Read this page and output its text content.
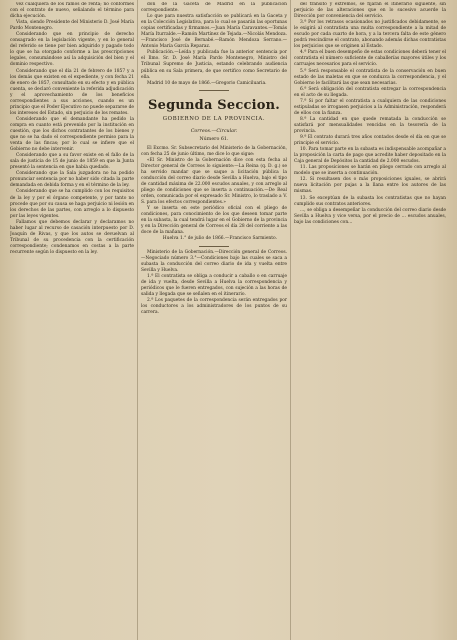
vez cualquiera de los ramos de renta; no conformes con el contrato de nuevo, señalando el término para dicha ejecución.

Vista, siendo Presidente del Ministerio D. José María Pardo Montenegro.

Considerando que en principio de derecho consagrado en la legislación vigente, y en lo general del referido se tiene por bien adquirido y pagado todo lo que se ha otorgado conforme a las prescripciones legales, consumándose así la adquisición del bien y el dominio respectivo.

Considerando que el día 21 de febrero de 1857 y a los demás que existen en el expediente, y con fecha 21 de enero de 1857, consultado en su efecto y en pública cuenta, se declaró conveniente la referida adjudicación y el aprovechamiento de los beneficios correspondientes a sus acciones, cuando es un principio que el Poder Ejecutivo no puede separarse de los intereses del Estado, sin perjuicio de los remates.

Considerando que el demandante ha pedido la compra en cuanto está prevenido por la institución en cuestión, que los dichos contratantes de los bienes y que no se ha dado el correspondiente permiso para la venta de las fincas; por lo cual se infiere que el Gobierno no debe intervenir.

Considerando que a su favor existe en el fallo de la sala de justicia de 15 de junio de 1859 en que la Junta presentó la sentencia en que había quedado.

Considerando que la Sala juzgadora no ha podido pronunciar sentencia por no haber sido citada la parte demandada en debida forma y en el término de la ley.

Considerando que se ha cumplido con los requisitos de la ley y por el órgano competente, y por tanto no procede que por su causa se haga perjuicio ni lesión en los derechos de las partes, con arreglo a lo dispuesto por las leyes vigentes.

Fallamos que debemos declarar y declaramos no haber lugar al recurso de casación interpuesto por D. Joaquín de Rivas, y que los autos se devuelvan al Tribunal de su procedencia con la certificación correspondiente; condenamos en costas a la parte recurrente según lo dispuesto en la ley.

don de la Gaceta de Madrid en la publicación correspondiente.

Lo que para nuestra satisfacción se publicará en la Gaceta y en la Colección Legislativa, para lo cual se pasarán las oportunas copias certificadas y firmamos.—Juan María Caravantes.—Tomás María Iturralde.—Ramón Martínez de Tejada.—Nicolás Mendoza.—Francisco José de Bernabé.—Ramón Mendoza Serrano.—Antonio María García Reparaz.

Publicación.—Leída y publicada fue la anterior sentencia por el Ilmo. Sr. D. José María Pardo Montenegro, Ministro del Tribunal Supremo de Justicia, estando celebrando audiencia pública en su Sala primera, de que certifico como Secretario de ella.

Madrid 10 de mayo de 1866.—Gregorio Camiciluaria.

Segunda Seccion.
GOBIERNO DE LA PROVINCIA.
Correos.—Circular.
Número 61.

El Excmo. Sr. Subsecretario del Ministerio de la Gobernación, con fecha 25 de junio último, me dice lo que sigue:

«El Sr. Ministro de la Gobernación dice con esta fecha al Director general de Correos lo siguiente:—La Reina (q. D. g.) se ha servido mandar que se saque a licitación pública la conducción del correo diario desde Sevilla a Huelva, bajo el tipo de cantidad máxima de 22.000 escudos anuales, y con arreglo al pliego de condiciones que se inserta a continuación.—De Real orden, comunicada por el expresado Sr. Ministro, lo traslado a V. S. para los efectos correspondientes.»

Y se inserta en este periódico oficial con el pliego de condiciones, para conocimiento de los que deseen tomar parte en la subasta, la cual tendrá lugar en el Gobierno de la provincia y en la Dirección general de Correos el día 28 del corriente a las doce de la mañana.

Huelva 1.° de julio de 1866.—Francisco Sarmiento.

Ministerio de la Gobernación.—Dirección general de Correos.—Negociado número 3.°—Condiciones bajo las cuales se saca a subasta la conducción del correo diario de ida y vuelta entre Sevilla y Huelva.

1.ª El contratista se obliga a conducir a caballo o en carruaje de ida y vuelta, desde Sevilla a Huelva la correspondencia y periódicos que le fueren entregados, con sujeción a las horas de salida y llegada que se señalen en el itinerario.

2.ª Los paquetes de la correspondencia serán entregados por los conductores a los administradores de los puntos de su carrera.

del tránsito y extremos, se fijarán el itinerario siguiente, sin perjuicio de las alteraciones que en lo sucesivo acuerde la Dirección por conveniencia del servicio.

3.ª Por los retrasos ocasionados no justificados debidamente, se le exigirá al contratista una multa correspondiente a la mitad de escudo por cada cuarto de hora, y a la tercera falta de este género podrá rescindirse el contrato, abonando además dichas contratistas los perjuicios que se originen al Estado.

4.ª Para el buen desempeño de estas condiciones deberá tener el contratista el número suficiente de caballerías mayores útiles y los carruajes necesarios para el servicio.

5.ª Será responsable el contratista de la conservación en buen estado de las maletas en que se conduzca la correspondencia, y el Gobierno le facilitará las que sean necesarias.

6.ª Será obligación del contratista entregar la correspondencia en el acto de su llegada.

7.ª Si por faltar el contratista a cualquiera de las condiciones estipuladas se irrogasen perjuicios a la Administración, responderá de ellos con la fianza.

8.ª La cantidad en que quede rematada la conducción se satisfará por mensualidades vencidas en la tesorería de la provincia.

9.ª El contrato durará tres años contados desde el día en que se principie el servicio.

10. Para tomar parte en la subasta es indispensable acompañar a la proposición la carta de pago que acredite haber depositado en la Caja general de Depósitos la cantidad de 2.000 escudos.

11. Las proposiciones se harán en pliego cerrado con arreglo al modelo que se inserta a continuación.

12. Si resultasen dos o más proposiciones iguales, se abrirá nueva licitación por pujas a la llana entre los autores de las mismas.

13. Se exceptúan de la subasta los contratistas que no hayan cumplido sus contratos anteriores.

..., se obliga a desempeñar la conducción del correo diario desde Sevilla a Huelva y vice versa, por el precio de ... escudos anuales, bajo las condiciones con...
